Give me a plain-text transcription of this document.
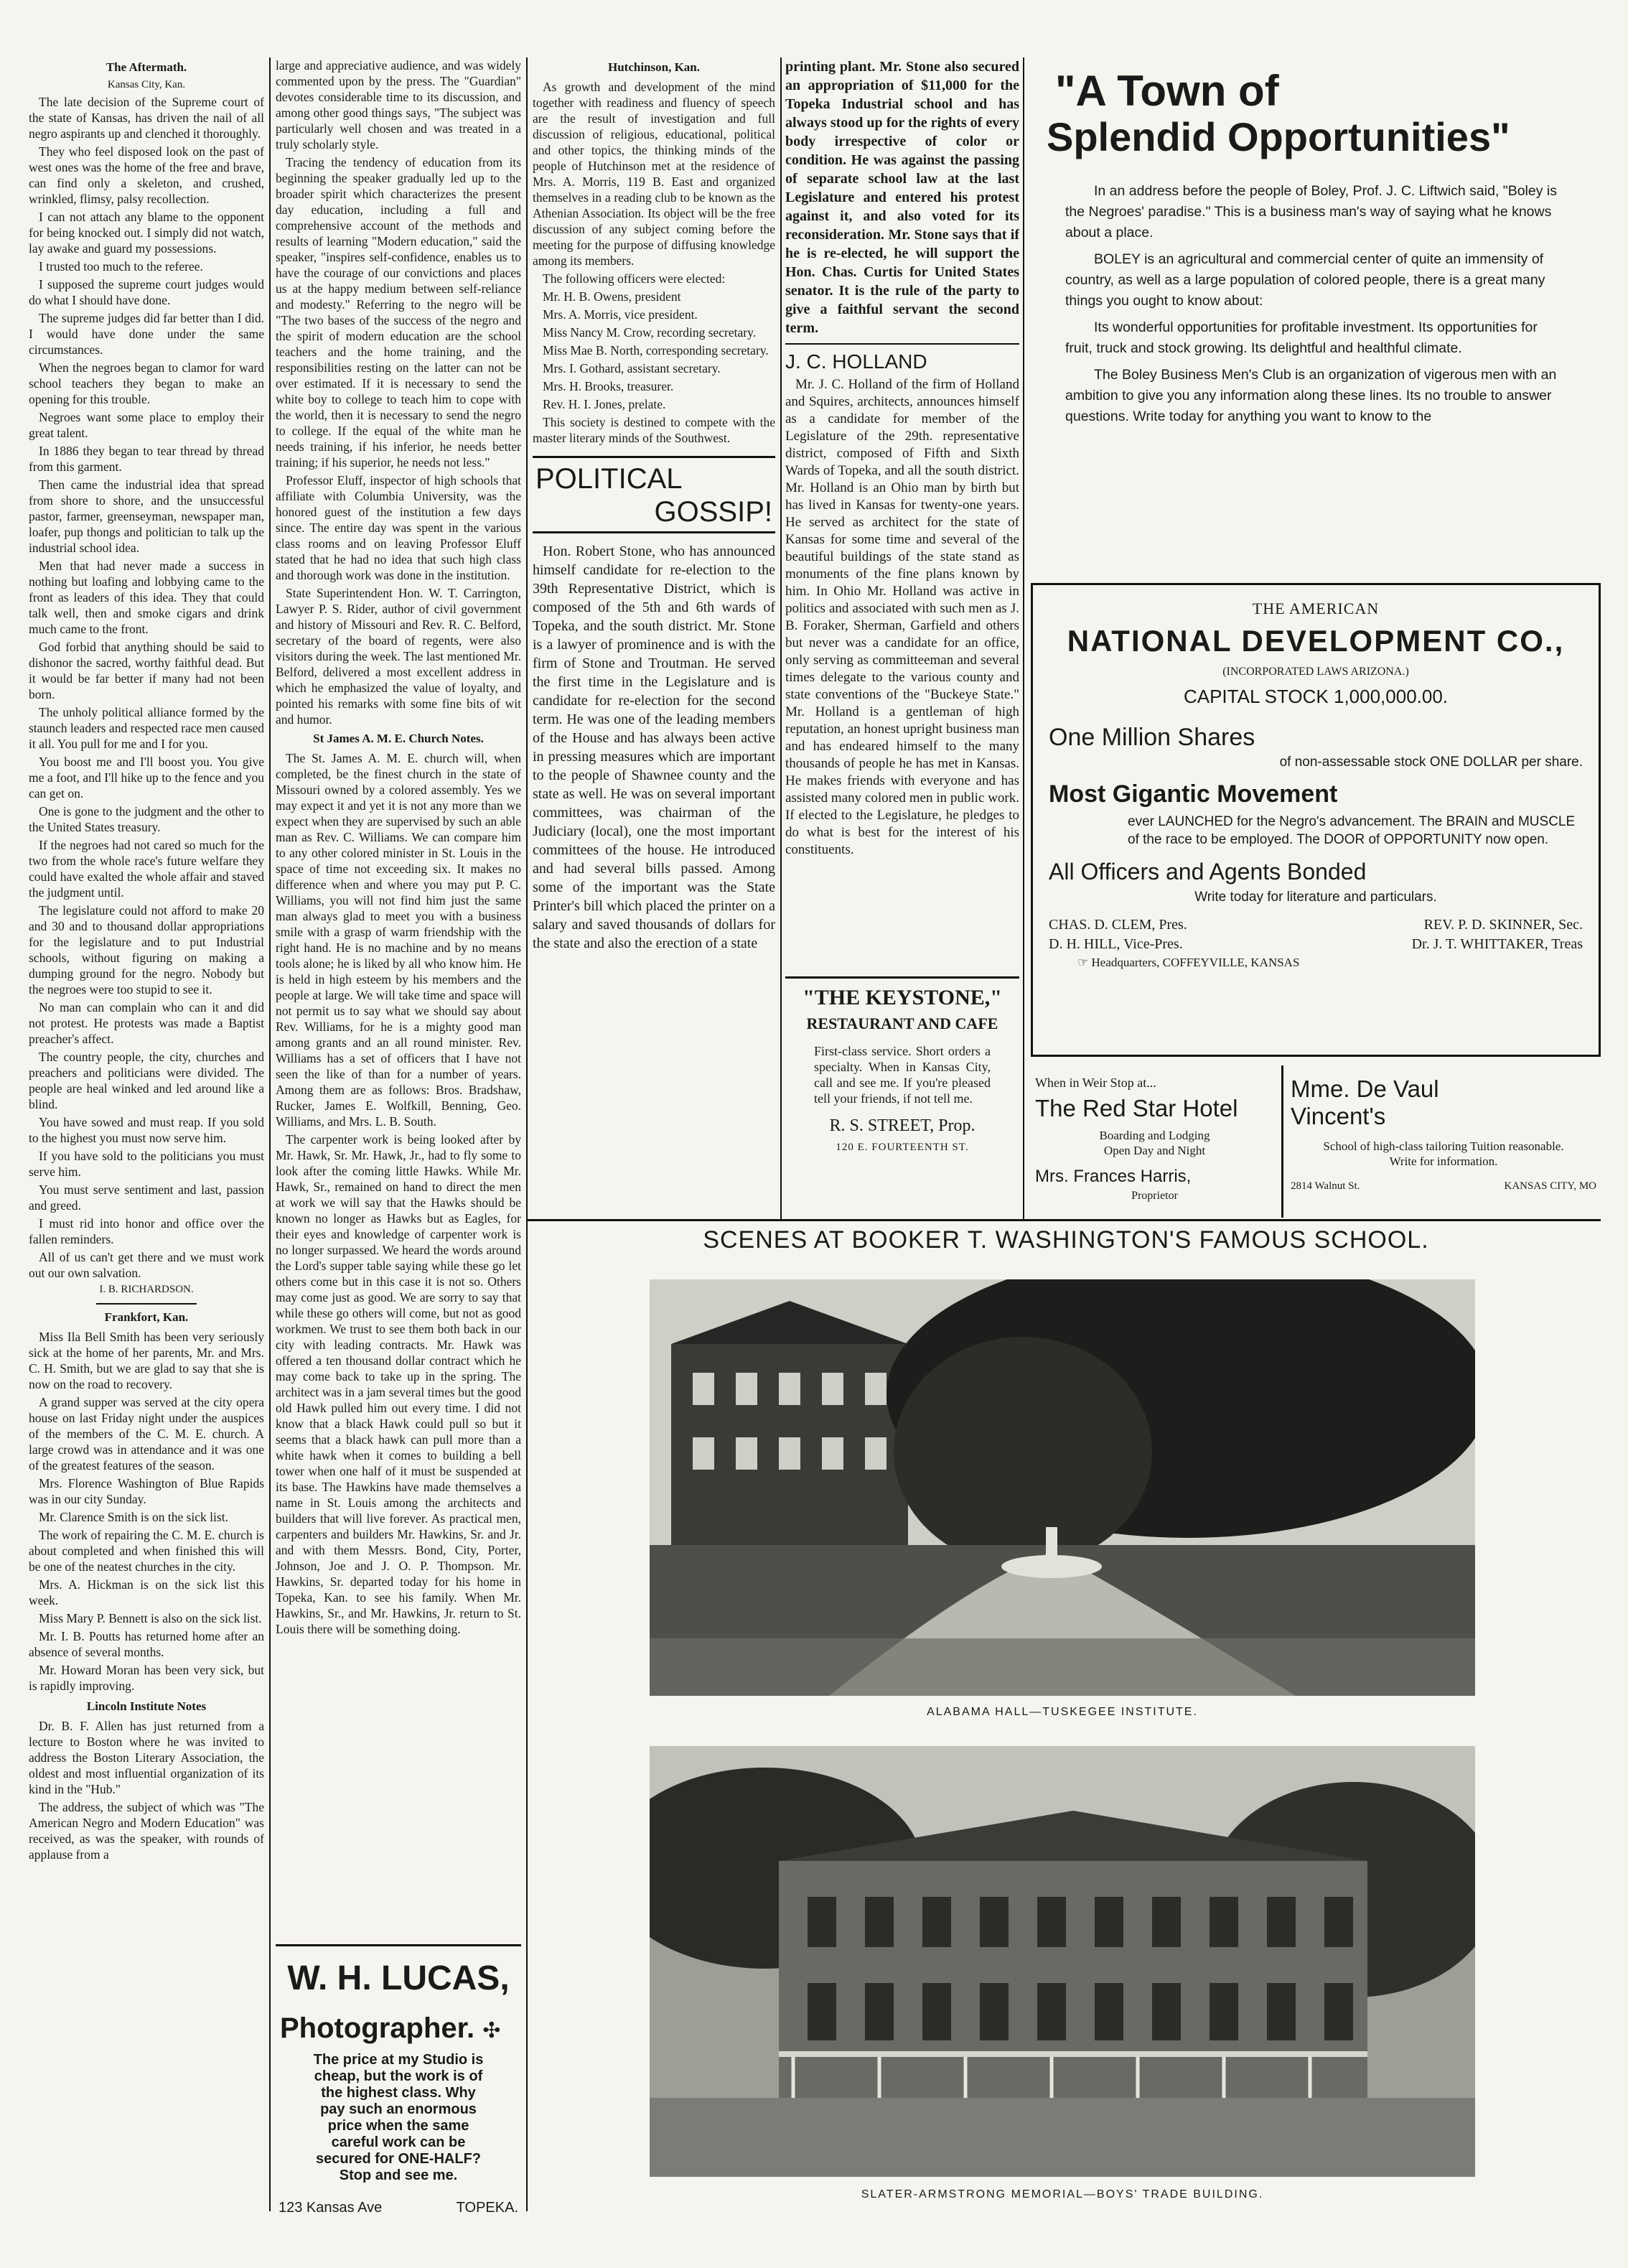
The Aftermath.
Kansas City, Kan.

The late decision of the Supreme court of the state of Kansas, has driven the nail of all negro aspirants up and clenched it thoroughly.

They who feel disposed look on the past of west ones was the home of the free and brave, can find only a skeleton, and crushed, wrinkled, flimsy, palsy recollection.

I can not attach any blame to the opponent for being knocked out. I simply did not watch, lay awake and guard my possessions.

I trusted too much to the referee.

I supposed the supreme court judges would do what I should have done.

The supreme judges did far better than I did. I would have done under the same circumstances.

When the negroes began to clamor for ward school teachers they began to make an opening for this trouble.

Negroes want some place to employ their great talent.

In 1886 they began to tear thread by thread from this garment.

Then came the industrial idea that spread from shore to shore, and the unsuccessful pastor, farmer, greenseyman, newspaper man, loafer, pup thongs and politician to talk up the industrial school idea.

Men that had never made a success in nothing but loafing and lobbying came to the front as leaders of this idea. They that could talk well, then and smoke cigars and drink much came to the front.

God forbid that anything should be said to dishonor the sacred, worthy faithful dead. But it would be far better if many had not been born.

The unholy political alliance formed by the staunch leaders and respected race men caused it all. You pull for me and I for you.

You boost me and I'll boost you. You give me a foot, and I'll hike up to the fence and you can get on.

One is gone to the judgment and the other to the United States treasury.

If the negroes had not cared so much for the two from the whole race's future welfare they could have exalted the whole affair and staved the judgment until.

The legislature could not afford to make 20 and 30 and to thousand dollar appropriations for the legislature and to put Industrial schools, without figuring on making a dumping ground for the negro. Nobody but the negroes were too stupid to see it.

No man can complain who can it and did not protest. He protests was made a Baptist preacher's affect.

The country people, the city, churches and preachers and politicians were divided. The people are heal winked and led around like a blind.

You have sowed and must reap. If you sold to the highest you must now serve him.

If you have sold to the politicians you must serve him.

You must serve sentiment and last, passion and greed.

I must rid into honor and office over the fallen reminders.

All of us can't get there and we must work out our own salvation.

I. B. RICHARDSON.
Frankfort, Kan.

Miss Ila Bell Smith has been very seriously sick at the home of her parents, Mr. and Mrs. C. H. Smith, but we are glad to say that she is now on the road to recovery.

A grand supper was served at the city opera house on last Friday night under the auspices of the members of the C. M. E. church. A large crowd was in attendance and it was one of the greatest features of the season.

Mrs. Florence Washington of Blue Rapids was in our city Sunday.

Mr. Clarence Smith is on the sick list.

The work of repairing the C. M. E. church is about completed and when finished this will be one of the neatest churches in the city.

Mrs. A. Hickman is on the sick list this week.

Miss Mary P. Bennett is also on the sick list.

Mr. I. B. Poutts has returned home after an absence of several months.

Mr. Howard Moran has been very sick, but is rapidly improving.

Lincoln Institute Notes

Dr. B. F. Allen has just returned from a lecture to Boston where he was invited to address the Boston Literary Association, the oldest and most influential organization of its kind in the "Hub."

The address, the subject of which was "The American Negro and Modern Education" was received, as was the speaker, with rounds of applause from a

large and appreciative audience, and was widely commented upon by the press. The "Guardian" devotes considerable time to its discussion, and among other good things says, "The subject was particularly well chosen and was treated in a truly scholarly style.

Tracing the tendency of education from its beginning the speaker gradually led up to the broader spirit which characterizes the present day education, including a full and comprehensive account of the methods and results of learning "Modern education," said the speaker, "inspires self-confidence, enables us to have the courage of our convictions and places us at the happy medium between self-reliance and modesty." Referring to the negro will be "The two bases of the success of the negro and the spirit of modern education are the school teachers and the home training, and the responsibilities resting on the latter can not be over estimated. If it is necessary to send the white boy to college to teach him to cope with the world, then it is necessary to send the negro to college. If the equal of the white man he needs training, if his inferior, he needs better training; if his superior, he needs not less."

Professor Eluff, inspector of high schools that affiliate with Columbia University, was the honored guest of the institution a few days since. The entire day was spent in the various class rooms and on leaving Professor Eluff stated that he had no idea that such high class and thorough work was done in the institution.

State Superintendent Hon. W. T. Carrington, Lawyer P. S. Rider, author of civil government and history of Missouri and Rev. R. C. Belford, secretary of the board of regents, were also visitors during the week. The last mentioned Mr. Belford, delivered a most excellent address in which he emphasized the value of loyalty, and pointed his remarks with some fine bits of wit and humor.

St James A. M. E. Church Notes.

The St. James A. M. E. church will, when completed, be the finest church in the state of Missouri owned by a colored assembly. Yes we may expect it and yet it is not any more than we expect when they are supervised by such an able man as Rev. C. Williams. We can compare him to any other colored minister in St. Louis in the space of time not exceeding six. It makes no difference when and where you may put P. C. Williams, you will not find him just the same man always glad to meet you with a business smile with a grasp of warm friendship with the right hand. He is no machine and by no means tools alone; he is liked by all who know him. He is held in high esteem by his members and the people at large. We will take time and space will not permit us to say what we should say about Rev. Williams, for he is a mighty good man among grants and an all round minister. Rev. Williams has a set of officers that I have not seen the like of than for a number of years. Among them are as follows: Bros. Bradshaw, Rucker, James E. Wolfkill, Benning, Geo. Williams, and Mrs. L. B. South.

The carpenter work is being looked after by Mr. Hawk, Sr. Mr. Hawk, Jr., had to fly some to look after the coming little Hawks. While Mr. Hawk, Sr., remained on hand to direct the men at work we will say that the Hawks should be known no longer as Hawks but as Eagles, for their eyes and knowledge of carpenter work is no longer surpassed. We heard the words around the Lord's supper table saying while these go let others come but in this case it is not so. Others may come just as good. We are sorry to say that while these go others will come, but not as good workmen. We trust to see them both back in our city with leading contracts. Mr. Hawk was offered a ten thousand dollar contract which he may come back to take up in the spring. The architect was in a jam several times but the good old Hawk pulled him out every time. I did not know that a black Hawk could pull so but it seems that a black hawk can pull more than a white hawk when it comes to building a bell tower when one half of it must be suspended at its base. The Hawkins have made themselves a name in St. Louis among the architects and builders that will live forever. As practical men, carpenters and builders Mr. Hawkins, Sr. and Jr. and with them Messrs. Bond, City, Porter, Johnson, Joe and J. O. P. Thompson. Mr. Hawkins, Sr. departed today for his home in Topeka, Kan. to see his family. When Mr. Hawkins, Sr., and Mr. Hawkins, Jr. return to St. Louis there will be something doing.

W. H. LUCAS,
Photographer. ✣
The price at my Studio is cheap, but the work is of the highest class. Why pay such an enormous price when the same careful work can be secured for ONE-HALF? Stop and see me.
123 Kansas Ave	TOPEKA.
Hutchinson, Kan.

As growth and development of the mind together with readiness and fluency of speech are the result of investigation and full discussion of religious, educational, political and other topics, the thinking minds of the people of Hutchinson met at the residence of Mrs. A. Morris, 119 B. East and organized themselves in a reading club to be known as the Athenian Association. Its object will be the free discussion of any subject coming before the meeting for the purpose of diffusing knowledge among its members.

The following officers were elected:

Mr. H. B. Owens, president

Mrs. A. Morris, vice president.

Miss Nancy M. Crow, recording secretary.

Miss Mae B. North, corresponding secretary.

Mrs. I. Gothard, assistant secretary.

Mrs. H. Brooks, treasurer.

Rev. H. I. Jones, prelate.

This society is destined to compete with the master literary minds of the Southwest.

POLITICAL
GOSSIP!

Hon. Robert Stone, who has announced himself candidate for re-election to the 39th Representative District, which is composed of the 5th and 6th wards of Topeka, and the south district. Mr. Stone is a lawyer of prominence and is with the firm of Stone and Troutman. He served the first time in the Legislature and is candidate for re-election for the second term. He was one of the leading members of the House and has always been active in pressing measures which are important to the people of Shawnee county and the state as well. He was on several important committees, was chairman of the Judiciary (local), one the most important committees of the house. He introduced and had several bills passed. Among some of the important was the State Printer's bill which placed the printer on a salary and saved thousands of dollars for the state and also the erection of a state

printing plant. Mr. Stone also secured an appropriation of $11,000 for the Topeka Industrial school and has always stood up for the rights of every body irrespective of color or condition. He was against the passing of separate school law at the last Legislature and entered his protest against it, and also voted for its reconsideration. Mr. Stone says that if he is re-elected, he will support the Hon. Chas. Curtis for United States senator. It is the rule of the party to give a faithful servant the second term.

J. C. HOLLAND

Mr. J. C. Holland of the firm of Holland and Squires, architects, announces himself as a candidate for member of the Legislature of the 29th. representative district, composed of Fifth and Sixth Wards of Topeka, and all the south district. Mr. Holland is an Ohio man by birth but has lived in Kansas for twenty-one years. He served as architect for the state of Kansas for some time and several of the beautiful buildings of the state stand as monuments of the fine plans known by him. In Ohio Mr. Holland was active in politics and associated with such men as J. B. Foraker, Sherman, Garfield and others but never was a candidate for an office, only serving as committeeman and several times delegate to the various county and state conventions of the "Buckeye State." Mr. Holland is a gentleman of high reputation, an honest upright business man and has endeared himself to the many thousands of people he has met in Kansas. He makes friends with everyone and has assisted many colored men in public work. If elected to the Legislature, he pledges to do what is best for the interest of his constituents.

"THE KEYSTONE,"
RESTAURANT AND CAFE
First-class service. Short orders a specialty. When in Kansas City, call and see me. If you're pleased tell your friends, if not tell me.
R. S. STREET, Prop.
120 E. FOURTEENTH ST.
"A Town of
Splendid Opportunities"

In an address before the people of Boley, Prof. J. C. Liftwich said, "Boley is the Negroes' paradise." This is a business man's way of saying what he knows about a place.

BOLEY is an agricultural and commercial center of quite an immensity of country, as well as a large population of colored people, there is a great many things you ought to know about:

Its wonderful opportunities for profitable investment. Its opportunities for fruit, truck and stock growing. Its delightful and healthful climate.

The Boley Business Men's Club is an organization of vigerous men with an ambition to give you any information along these lines. Its no trouble to answer questions. Write today for anything you want to know to the

THE AMERICAN
NATIONAL DEVELOPMENT CO.,
(INCORPORATED LAWS ARIZONA.)
CAPITAL STOCK 1,000,000.00.
One Million Shares
of non-assessable stock ONE DOLLAR per share.
Most Gigantic Movement
ever LAUNCHED for the Negro's advancement. The BRAIN and MUSCLE of the race to be employed. The DOOR of OPPORTUNITY now open.
All Officers and Agents Bonded
Write today for literature and particulars.
CHAS. D. CLEM, Pres.	REV. P. D. SKINNER, Sec.
D. H. HILL, Vice-Pres.	Dr. J. T. WHITTAKER, Treas
☞ Headquarters, COFFEYVILLE, KANSAS
When in Weir Stop at...
The Red Star Hotel
Boarding and Lodging Open Day and Night
Mrs. Frances Harris,
Proprietor
Mme. De Vaul
Vincent's
School of high-class tailoring Tuition reasonable. Write for information.
2814 Walnut St.	KANSAS CITY, MO
SCENES AT BOOKER T. WASHINGTON'S FAMOUS SCHOOL.
ALABAMA HALL—TUSKEGEE INSTITUTE.
SLATER-ARMSTRONG MEMORIAL—BOYS' TRADE BUILDING.
